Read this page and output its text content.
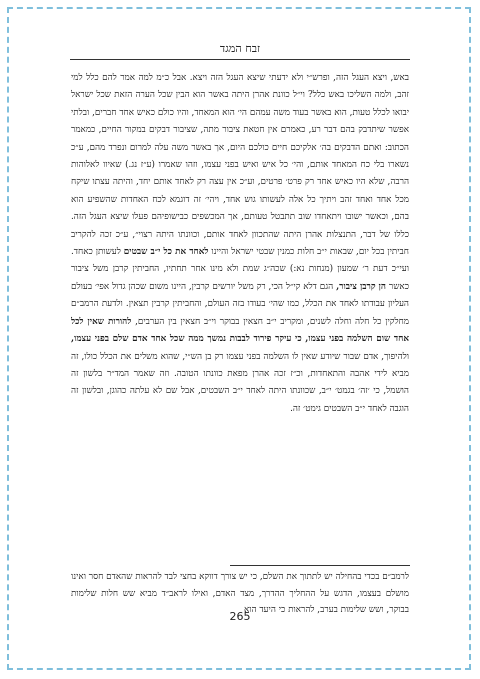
זבח המגד

באש, ויצא העגל הזה, ופרש״י ולא ידעתי שיצא העגל הזה ויצא. אבל כ״מ למה אמר להם כלל למי זהב, ולמה השליכו באש כלל? וי״ל כוונת אהרן היתה באשר הוא הבין שכל הערה הזאת שכל ישראל יבואו לכלל טעות, הוא באשר בעוד משה עמהם הי׳ הוא המאחד, והיו כולם כאיש אחד חברים, ובלתי אפשר שיתדבק בהם דבר רע, כאמרם אין חטאת ציבור מתה, שציבור דבקים במקור החיים, כמאמר הכתוב: ואתם הדבקים בה׳ אלקיכם חיים כולכם היום, אך באשר משה עלה למרום ונפרד מהם, ע״כ נשארו בלי כח המאחד אותם, והי׳ כל איש ואיש בפני עצמו, וזהו שאמרו (ע״ז נג.) שאיוו לאלוהות הרבה, שלא היו כאיש אחד רק פרט׳ פרטים, וע״כ אין עצה רק לאחד אותם יחד, והיתה עצתו שיקח מכל אחד ואחד זהב ויתיך כל אלה לעשותו גוש אחד, ויהי׳ זה דוגמא לכח האחדות שהשפיע הוא בהם, וכאשר ישובו ויתאחדו שוב תתבטל טעותם, אך המכשפים כבישופיהם פעלו שיצא העגל הזה. כללו של דבר, התנצלות אהרן היתה שהתכוון לאחד אותם, וכוונתו היתה רצוי״, ע״כ זכה להקריב חביתין בכל יום, שבאות י״ב חלות כמנין שבטי ישראל והיינו לאחד את כל י״ב שבטים לעשותן כאחד. ועי״כ דעת ר׳ שמעון (מנחות נא:) שכה״ג שמת ולא מינו אחר תחתיו, החביתין קרבן משל ציבור כאשר הן קרבן ציבור, הגם דלא קי״ל הכי, רק משל יורשים קרבין, היינו משום שכהן גדול אפי׳ בעולם העליון עבודתו לאחד את הכלל, כמו שהי׳ בעודו בזה העולם, והחביתין קרבין תצאין. ולדעת הרמב״ם מחלקין כל חלה וחלה לשנים, ומקריב י״ב חצאין בבוקר וי״ב חצאין בין הערבים, להורות שאין לכל אחד שום השלמה בפני עצמו, כי עיקר פירוד לבבות נמשך ממה שכל אחד אדם שלם בפני עצמו, ולהיפוך, אדם שבור שיודע שאין לו השלמה בפני עצמו רק בן הש״י, שהוא משלים את הכלל כולו, זה מביא לידי אהבה והתאחדות, וכ״ז זכה אהרן מפאת כוונתו הטובה. וזה שאמר המד״ר בלשון זה הושמל, כי ׳זה׳ בגמט׳ י״ב, שכוונתו היתה לאחד י״ב השבטים, אבל שם לא עלתה כהוגן, ובלשון זה הוגבה לאחד י״ב השבטים גימט׳ זה.

לרמב״ם בכדי בהחילה יש לתתוך את השלם, כי יש צורך דווקא בחצי לבד להראות שהאדם חסר ואינו מושלם בעצמו, הדגש על ההחליך ההדרך, מצד האדם, ואילו לראב״ד מביא שש חלות שלימות בבוקר, ושש שלימות בערב, להראות כי היעד הוא

265
